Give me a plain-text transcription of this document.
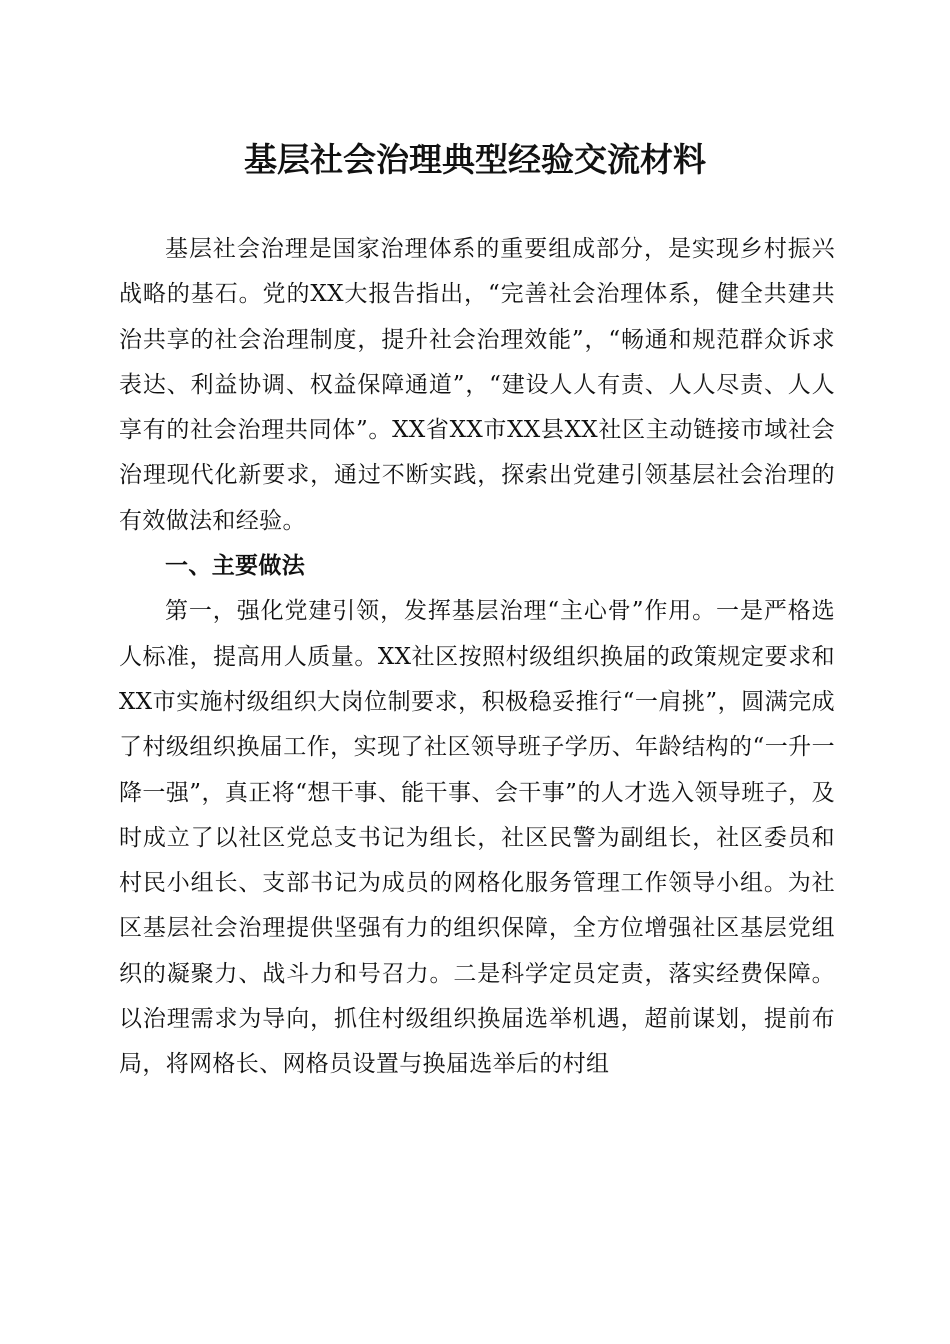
基层社会治理典型经验交流材料

基层社会治理是国家治理体系的重要组成部分，是实现乡村振兴战略的基石。党的XX大报告指出，“完善社会治理体系，健全共建共治共享的社会治理制度，提升社会治理效能”，“畅通和规范群众诉求表达、利益协调、权益保障通道”，“建设人人有责、人人尽责、人人享有的社会治理共同体”。XX省XX市XX县XX社区主动链接市域社会治理现代化新要求，通过不断实践，探索出党建引领基层社会治理的有效做法和经验。

一、主要做法

第一，强化党建引领，发挥基层治理“主心骨”作用。一是严格选人标准，提高用人质量。XX社区按照村级组织换届的政策规定要求和XX市实施村级组织大岗位制要求，积极稳妥推行“一肩挑”，圆满完成了村级组织换届工作，实现了社区领导班子学历、年龄结构的“一升一降一强”，真正将“想干事、能干事、会干事”的人才选入领导班子，及时成立了以社区党总支书记为组长，社区民警为副组长，社区委员和村民小组长、支部书记为成员的网格化服务管理工作领导小组。为社区基层社会治理提供坚强有力的组织保障，全方位增强社区基层党组织的凝聚力、战斗力和号召力。二是科学定员定责，落实经费保障。以治理需求为导向，抓住村级组织换届选举机遇，超前谋划，提前布局，将网格长、网格员设置与换届选举后的村组
